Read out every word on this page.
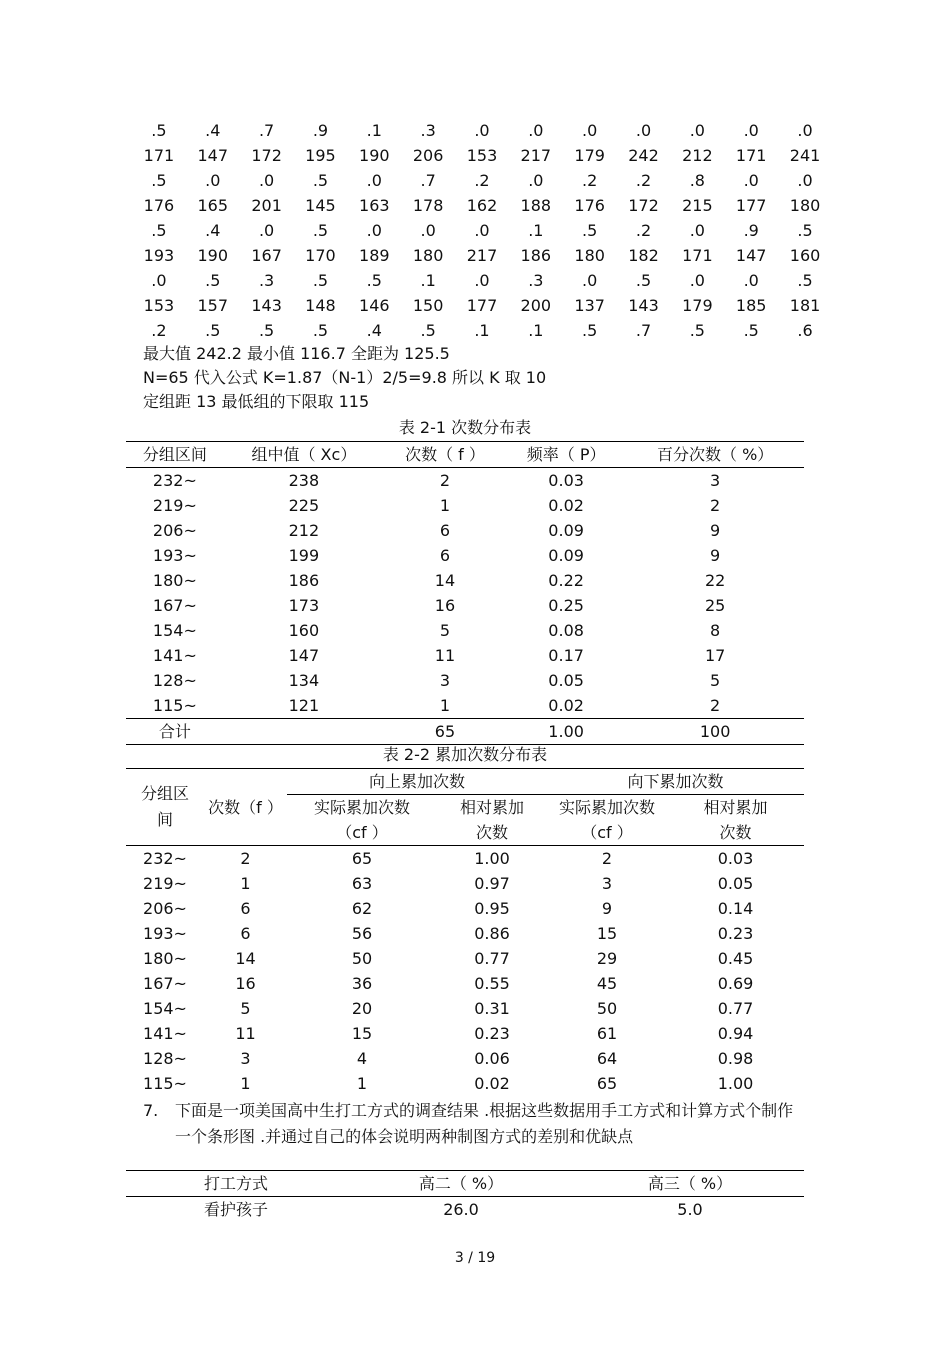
.5	.4	.7	.9	.1	.3	.0	.0	.0	.0	.0	.0	.0
171	147	172	195	190	206	153	217	179	242	212	171	241
.5	.0	.0	.5	.0	.7	.2	.0	.2	.2	.8	.0	.0
176	165	201	145	163	178	162	188	176	172	215	177	180
.5	.4	.0	.5	.0	.0	.0	.1	.5	.2	.0	.9	.5
193	190	167	170	189	180	217	186	180	182	171	147	160
.0	.5	.3	.5	.5	.1	.0	.3	.0	.5	.0	.0	.5
153	157	143	148	146	150	177	200	137	143	179	185	181
.2	.5	.5	.5	.4	.5	.1	.1	.5	.7	.5	.5	.6
最大值 242.2 最小值 116.7 全距为 125.5
N=65 代入公式 K=1.87（N-1）2/5=9.8 所以 K 取 10
定组距 13 最低组的下限取 115
表 2-1 次数分布表
分组区间	组中值（ Xc）	次数（ f ）	频率（ P）	百分次数（ %）
232~	238	2	0.03	3
219~	225	1	0.02	2
206~	212	6	0.09	9
193~	199	6	0.09	9
180~	186	14	0.22	22
167~	173	16	0.25	25
154~	160	5	0.08	8
141~	147	11	0.17	17
128~	134	3	0.05	5
115~	121	1	0.02	2
合计		65	1.00	100
表 2-2 累加次数分布表
分组区
间	次数（f ）	向上累加次数		向下累加次数	
		实际累加次数	相对累加	实际累加次数	相对累加
		（cf ）	次数	（cf ）	次数
232~	2	65	1.00	2	0.03
219~	1	63	0.97	3	0.05
206~	6	62	0.95	9	0.14
193~	6	56	0.86	15	0.23
180~	14	50	0.77	29	0.45
167~	16	36	0.55	45	0.69
154~	5	20	0.31	50	0.77
141~	11	15	0.23	61	0.94
128~	3	4	0.06	64	0.98
115~	1	1	0.02	65	1.00
7. 下面是一项美国高中生打工方式的调查结果 .根据这些数据用手工方式和计算方式个制作一个条形图 .并通过自己的体会说明两种制图方式的差别和优缺点
打工方式	高二（ %）	高三（ %）
看护孩子	26.0	5.0
3 / 19
